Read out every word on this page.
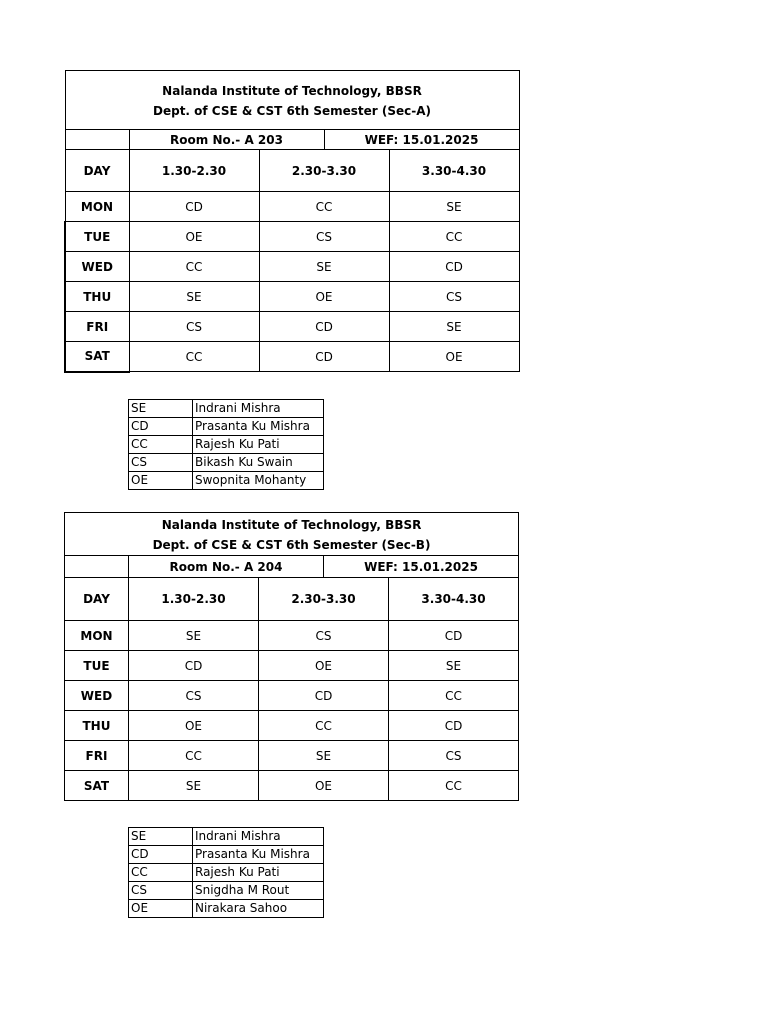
Nalanda Institute of Technology, BBSR
Dept. of CSE & CST 6th Semester (Sec-A)				

	Room No.- A 203		WEF: 15.01.2025	
DAY	1.30-2.30	2.30-3.30		3.30-4.30
MON	CD	CC		SE
TUE	OE	CS		CC
WED	CC	SE		CD
THU	SE	OE		CS
FRI	CS	CD		SE
SAT	CC	CD		OE
SE	Indrani Mishra
CD	Prasanta Ku Mishra
CC	Rajesh Ku Pati
CS	Bikash Ku Swain
OE	Swopnita Mohanty
Nalanda Institute of Technology, BBSR
Dept. of CSE & CST 6th Semester (Sec-B)				

	Room No.- A 204		WEF: 15.01.2025	
DAY	1.30-2.30	2.30-3.30		3.30-4.30
MON	SE	CS		CD
TUE	CD	OE		SE
WED	CS	CD		CC
THU	OE	CC		CD
FRI	CC	SE		CS
SAT	SE	OE		CC
SE	Indrani Mishra
CD	Prasanta Ku Mishra
CC	Rajesh Ku Pati
CS	Snigdha M Rout
OE	Nirakara Sahoo
